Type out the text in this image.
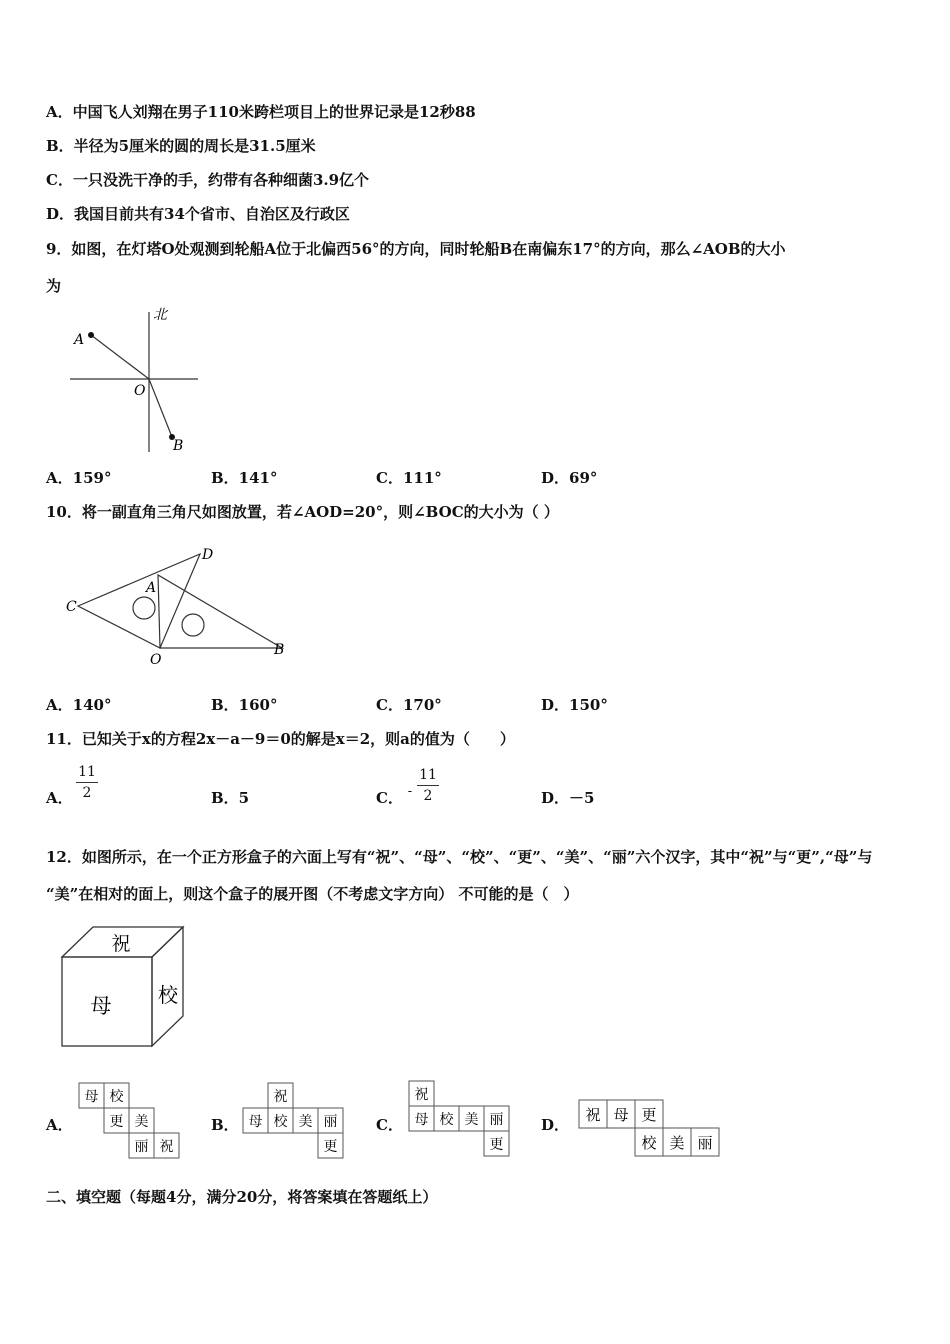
A．中国飞人刘翔在男子110米跨栏项目上的世界记录是12秒88
B．半径为5厘米的圆的周长是31.5厘米
C．一只没洗干净的手，约带有各种细菌3.9亿个
D．我国目前共有34个省市、自治区及行政区
9．如图，在灯塔O处观测到轮船A位于北偏西56°的方向，同时轮船B在南偏东17°的方向，那么∠AOB的大小
为
北
A
O
B
A．159°	B．141°	C．111°	D．69°
10．将一副直角三角尺如图放置，若∠AOD=20°，则∠BOC的大小为（ ）
C
A
D
O
B
A．140°	B．160°	C．170°	D．150°
11．已知关于x的方程2x－a－9＝0的解是x＝2，则a的值为（　　）
A．
11
2	B．5	C． -
11
2	D．－5
12．如图所示，在一个正方形盒子的六面上写有“祝”、“母”、“校”、“更”、“美”、“丽”六个汉字，其中“祝”与“更”,“母”与
“美”在相对的面上，则这个盒子的展开图（不考虑文字方向） 不可能的是（　）
祝
母 校
A．
母 校
更 美
丽 祝
B．
祝
母 校 美 丽
更
C．
祝
母 校 美 丽
更
D．
祝 母 更
校 美 丽
二、填空题（每题4分，满分20分，将答案填在答题纸上）
